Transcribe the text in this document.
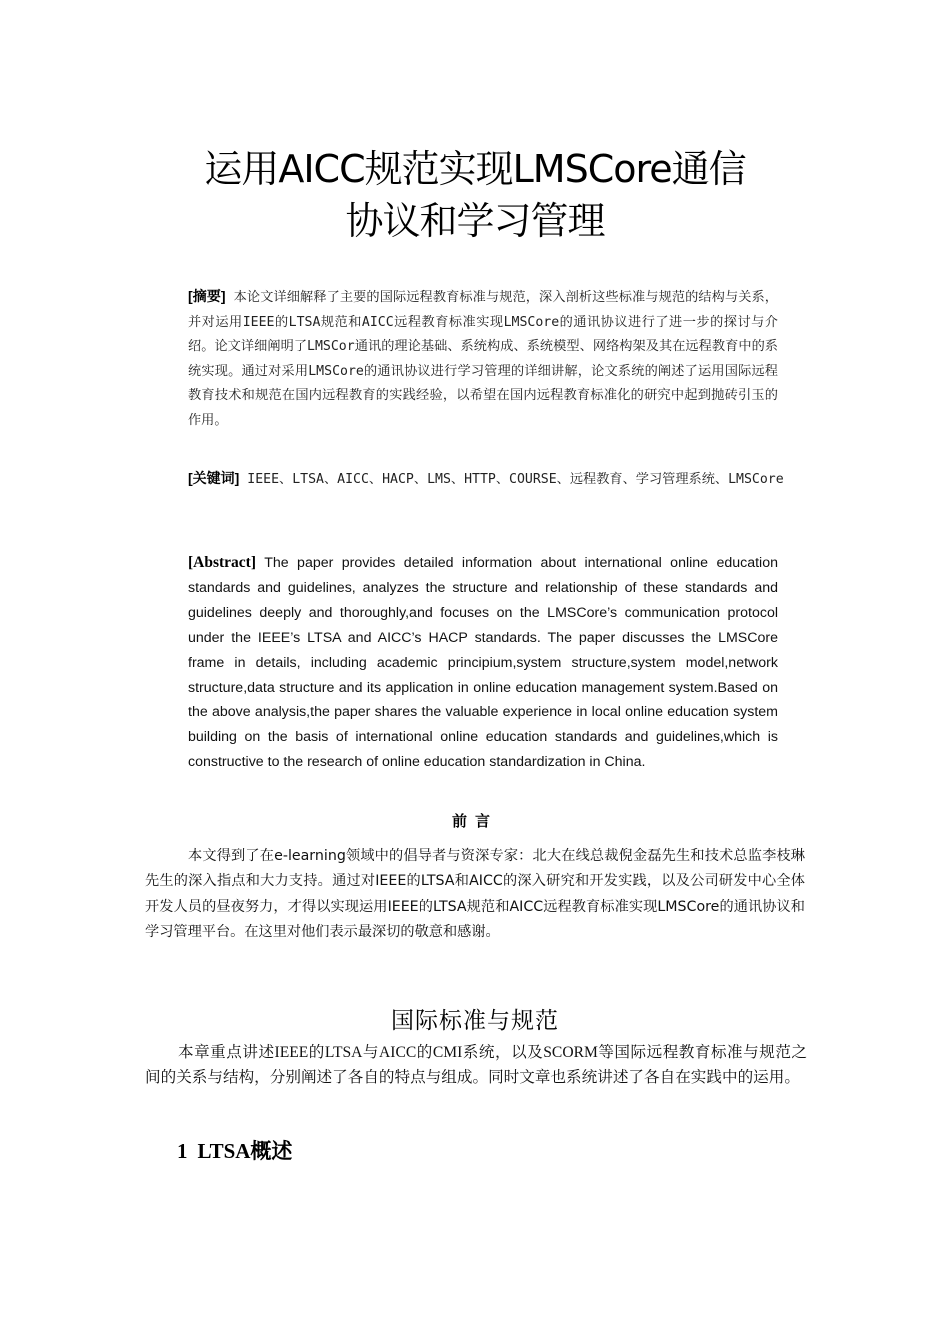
运用AICC规范实现LMSCore通信
协议和学习管理
[摘要] 本论文详细解释了主要的国际远程教育标准与规范，深入剖析这些标准与规范的结构与关系，并对运用IEEE的LTSA规范和AICC远程教育标准实现LMSCore的通讯协议进行了进一步的探讨与介绍。论文详细阐明了LMSCor通讯的理论基础、系统构成、系统模型、网络构架及其在远程教育中的系统实现。通过对采用LMSCore的通讯协议进行学习管理的详细讲解，论文系统的阐述了运用国际远程教育技术和规范在国内远程教育的实践经验，以希望在国内远程教育标准化的研究中起到抛砖引玉的作用。
[关键词] IEEE、LTSA、AICC、HACP、LMS、HTTP、COURSE、远程教育、学习管理系统、LMSCore
[Abstract] The paper provides detailed information about international online education standards and guidelines, analyzes the structure and relationship of these standards and guidelines deeply and thoroughly,and focuses on the LMSCore’s communication protocol under the IEEE’s LTSA and AICC’s HACP standards. The paper discusses the LMSCore frame in details, including academic principium,system structure,system model,network structure,data structure and its application in online education management system.Based on the above analysis,the paper shares the valuable experience in local online education system building on the basis of international online education standards and guidelines,which is constructive to the research of online education standardization in China.
前言
本文得到了在e-learning领域中的倡导者与资深专家：北大在线总裁倪金磊先生和技术总监李枝琳先生的深入指点和大力支持。通过对IEEE的LTSA和AICC的深入研究和开发实践，以及公司研发中心全体开发人员的昼夜努力，才得以实现运用IEEE的LTSA规范和AICC远程教育标准实现LMSCore的通讯协议和学习管理平台。在这里对他们表示最深切的敬意和感谢。
国际标准与规范
本章重点讲述IEEE的LTSA与AICC的CMI系统，以及SCORM等国际远程教育标准与规范之间的关系与结构，分别阐述了各自的特点与组成。同时文章也系统讲述了各自在实践中的运用。
1 LTSA概述
